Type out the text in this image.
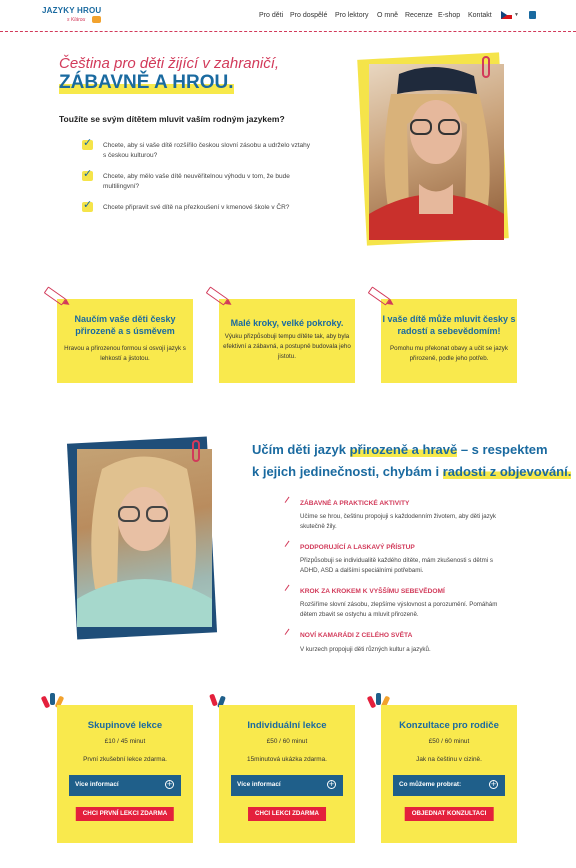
JAZYKY HROU
s Klárou
Pro děti Pro dospělé Pro lektory O mně Recenze E-shop Kontakt	▼
Čeština pro děti žijící v zahraničí,
ZÁBAVNĚ A HROU.
Toužíte se svým dítětem mluvit vaším rodným jazykem?
✓ Chcete, aby si vaše dítě rozšířilo českou slovní zásobu a udrželo vztahy s českou kulturou?
✓ Chcete, aby mělo vaše dítě neuvěřitelnou výhodu v tom, že bude multilingvní?
✓ Chcete připravit své dítě na přezkoušení v kmenové škole v ČR?
Naučím vaše děti česky přirozeně a s úsměvem
Hravou a přirozenou formou si osvojí jazyk s lehkostí a jistotou.
Malé kroky, velké pokroky.
Výuku přizpůsobuji tempu dítěte tak, aby byla efektivní a zábavná, a postupně budovala jeho jistotu.
I vaše dítě může mluvit česky s radostí a sebevědomím!
Pomohu mu překonat obavy a učit se jazyk přirozeně, podle jeho potřeb.
Učím děti jazyk přirozeně a hravě – s respektem
k jejich jedinečnosti, chybám i radosti z objevování.
ZÁBAVNÉ A PRAKTICKÉ AKTIVITY
Učíme se hrou, češtinu propojuji s každodenním životem, aby děti jazyk skutečně žily.
PODPORUJÍCÍ A LASKAVÝ PŘÍSTUP
Přizpůsobuji se individualitě každého dítěte, mám zkušenosti s dětmi s ADHD, ASD a dalšími speciálními potřebami.
KROK ZA KROKEM K VYŠŠÍMU SEBEVĚDOMÍ
Rozšiříme slovní zásobu, zlepšíme výslovnost a porozumění. Pomáhám dětem zbavit se ostychu a mluvit přirozeně.
NOVÍ KAMARÁDI Z CELÉHO SVĚTA
V kurzech propojuji děti různých kultur a jazyků.
Skupinové lekce
£10 / 45 minut
První zkušební lekce zdarma.
Více informací	+
CHCI PRVNÍ LEKCI ZDARMA
Individuální lekce
£50 / 60 minut
15minutová ukázka zdarma.
Více informací	+
CHCI LEKCI ZDARMA
Konzultace pro rodiče
£50 / 60 minut
Jak na češtinu v cizině.
Co můžeme probrat:	+
OBJEDNAT KONZULTACI
